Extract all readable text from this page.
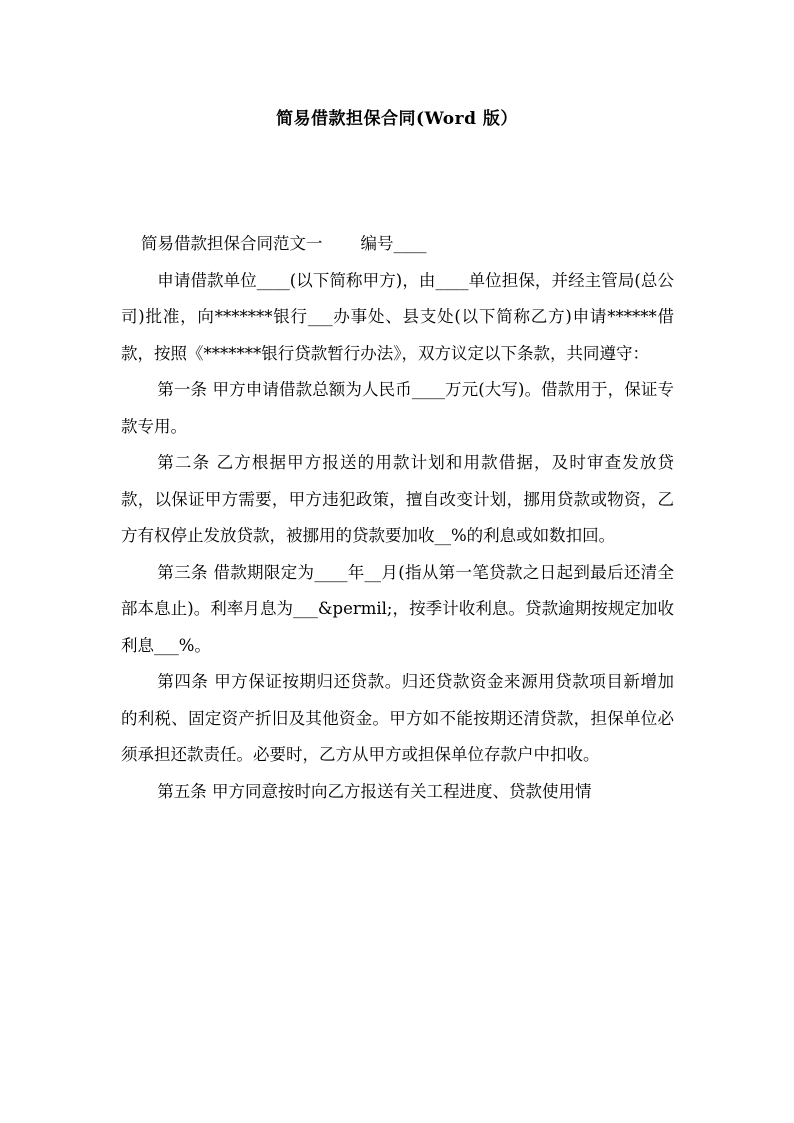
简易借款担保合同(Word 版）
简易借款担保合同范文一 编号____

申请借款单位____(以下简称甲方)，由____单位担保，并经主管局(总公司)批准，向*******银行___办事处、县支处(以下简称乙方)申请******借款，按照《*******银行贷款暂行办法》，双方议定以下条款，共同遵守：

第一条 甲方申请借款总额为人民币____万元(大写)。借款用于，保证专款专用。

第二条 乙方根据甲方报送的用款计划和用款借据，及时审查发放贷款，以保证甲方需要，甲方违犯政策，擅自改变计划，挪用贷款或物资，乙方有权停止发放贷款，被挪用的贷款要加收__%的利息或如数扣回。

第三条 借款期限定为____年__月(指从第一笔贷款之日起到最后还清全部本息止)。利率月息为___&permil;，按季计收利息。贷款逾期按规定加收利息___%。

第四条 甲方保证按期归还贷款。归还贷款资金来源用贷款项目新增加的利税、固定资产折旧及其他资金。甲方如不能按期还清贷款，担保单位必须承担还款责任。必要时，乙方从甲方或担保单位存款户中扣收。

第五条 甲方同意按时向乙方报送有关工程进度、贷款使用情
